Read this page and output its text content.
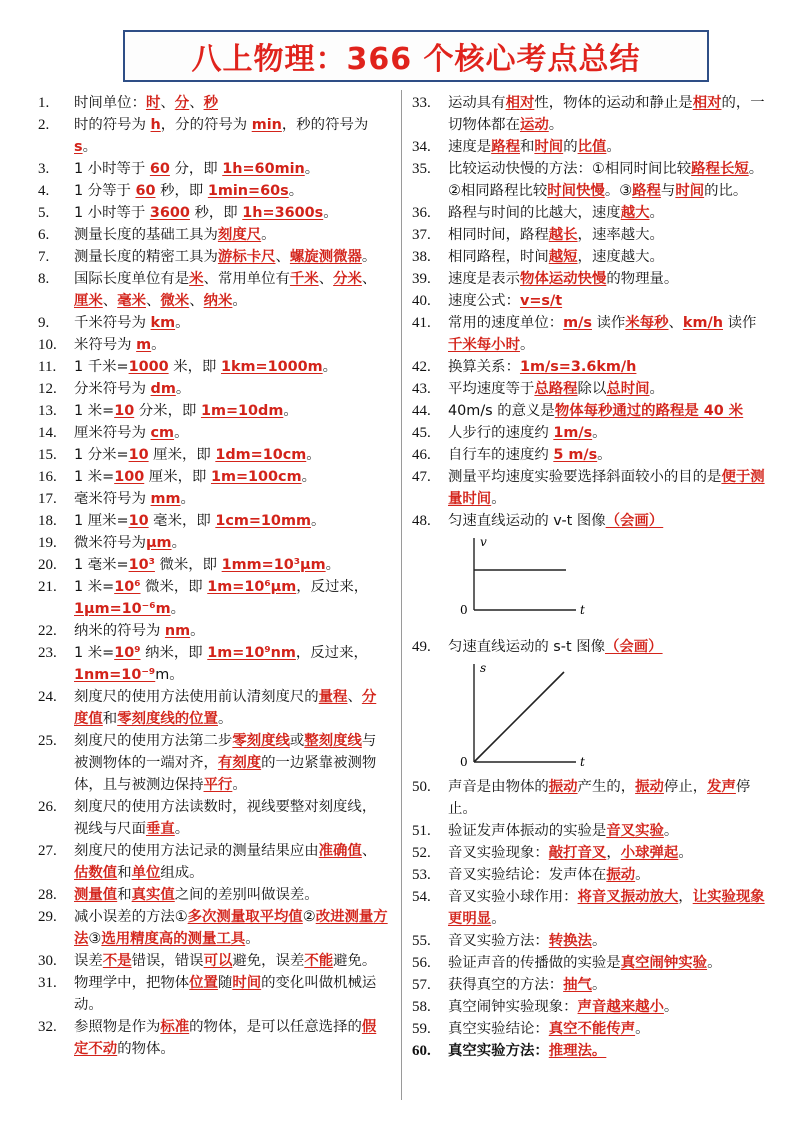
八上物理：366 个核心考点总结
1.	时间单位：时、分、秒
2.	时的符号为 h，分的符号为 min，秒的符号为 s。
3.	1 小时等于 60 分，即 1h=60min。
4.	1 分等于 60 秒，即 1min=60s。
5.	1 小时等于 3600 秒，即 1h=3600s。
6.	测量长度的基础工具为刻度尺。
7.	测量长度的精密工具为游标卡尺、螺旋测微器。
8.	国际长度单位有是米、常用单位有千米、分米、厘米、毫米、微米、纳米。
9.	千米符号为 km。
10.	米符号为 m。
11.	1 千米=1000 米，即 1km=1000m。
12.	分米符号为 dm。
13.	1 米=10 分米，即 1m=10dm。
14.	厘米符号为 cm。
15.	1 分米=10 厘米，即 1dm=10cm。
16.	1 米=100 厘米，即 1m=100cm。
17.	毫米符号为 mm。
18.	1 厘米=10 毫米，即 1cm=10mm。
19.	微米符号为μm。
20.	1 毫米=10³ 微米，即 1mm=10³μm。
21.	1 米=10⁶ 微米，即 1m=10⁶μm，反过来，1μm=10⁻⁶m。
22.	纳米的符号为 nm。
23.	1 米=10⁹ 纳米，即 1m=10⁹nm，反过来，1nm=10⁻⁹m。
24.	刻度尺的使用方法使用前认清刻度尺的量程、分度值和零刻度线的位置。
25.	刻度尺的使用方法第二步零刻度线或整刻度线与被测物体的一端对齐，有刻度的一边紧靠被测物体，且与被测边保持平行。
26.	刻度尺的使用方法读数时，视线要整对刻度线，视线与尺面垂直。
27.	刻度尺的使用方法记录的测量结果应由准确值、估数值和单位组成。
28.	测量值和真实值之间的差别叫做误差。
29.	减小误差的方法①多次测量取平均值②改进测量方法③选用精度高的测量工具。
30.	误差不是错误，错误可以避免，误差不能避免。
31.	物理学中，把物体位置随时间的变化叫做机械运动。
32.	参照物是作为标准的物体，是可以任意选择的假定不动的物体。
33.	运动具有相对性，物体的运动和静止是相对的，一切物体都在运动。
34.	速度是路程和时间的比值。
35.	比较运动快慢的方法：①相同时间比较路程长短。②相同路程比较时间快慢。③路程与时间的比。
36.	路程与时间的比越大，速度越大。
37.	相同时间，路程越长，速率越大。
38.	相同路程，时间越短，速度越大。
39.	速度是表示物体运动快慢的物理量。
40.	速度公式：v=s/t
41.	常用的速度单位：m/s 读作米每秒、km/h 读作千米每小时。
42.	换算关系：1m/s=3.6km/h
43.	平均速度等于总路程除以总时间。
44.	40m/s 的意义是物体每秒通过的路程是 40 米
45.	人步行的速度约 1m/s。
46.	自行车的速度约 5 m/s。
47.	测量平均速度实验要选择斜面较小的目的是便于测量时间。
48.	匀速直线运动的 v-t 图像（会画）
v
t
0
49.	匀速直线运动的 s-t 图像（会画）
s
t
0
50.	声音是由物体的振动产生的，振动停止，发声停止。
51.	验证发声体振动的实验是音叉实验。
52.	音叉实验现象：敲打音叉，小球弹起。
53.	音叉实验结论：发声体在振动。
54.	音叉实验小球作用：将音叉振动放大，让实验现象更明显。
55.	音叉实验方法：转换法。
56.	验证声音的传播做的实验是真空闹钟实验。
57.	获得真空的方法：抽气。
58.	真空闹钟实验现象：声音越来越小。
59.	真空实验结论：真空不能传声。
60.	真空实验方法：推理法。
